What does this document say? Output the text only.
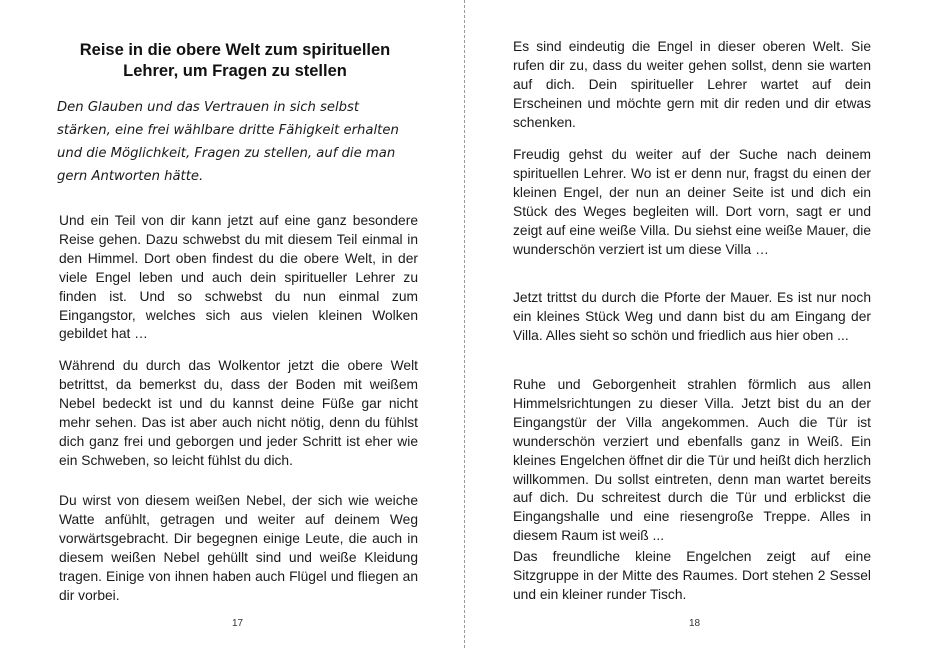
Reise in die obere Welt zum spirituellen Lehrer, um Fragen zu stellen
Den Glauben und das Vertrauen in sich selbst stärken, eine frei wählbare dritte Fähigkeit erhalten und die Möglichkeit, Fragen zu stellen, auf die man gern Antworten hätte.
Und ein Teil von dir kann jetzt auf eine ganz besondere Reise gehen. Dazu schwebst du mit diesem Teil einmal in den Himmel. Dort oben findest du die obere Welt, in der viele Engel leben und auch dein spiritueller Lehrer zu finden ist. Und so schwebst du nun einmal zum Eingangstor, welches sich aus vielen kleinen Wolken gebildet hat …
Während du durch das Wolkentor jetzt die obere Welt betrittst, da bemerkst du, dass der Boden mit weißem Nebel bedeckt ist und du kannst deine Füße gar nicht mehr sehen. Das ist aber auch nicht nötig, denn du fühlst dich ganz frei und geborgen und jeder Schritt ist eher wie ein Schweben, so leicht fühlst du dich.
Du wirst von diesem weißen Nebel, der sich wie weiche Watte anfühlt, getragen und weiter auf deinem Weg vorwärtsgebracht. Dir begegnen einige Leute, die auch in diesem weißen Nebel gehüllt sind und weiße Kleidung tragen. Einige von ihnen haben auch Flügel und fliegen an dir vorbei.
17
Es sind eindeutig die Engel in dieser oberen Welt. Sie rufen dir zu, dass du weiter gehen sollst, denn sie warten auf dich. Dein spiritueller Lehrer wartet auf dein Erscheinen und möchte gern mit dir reden und dir etwas schenken.
Freudig gehst du weiter auf der Suche nach deinem spirituellen Lehrer. Wo ist er denn nur, fragst du einen der kleinen Engel, der nun an deiner Seite ist und dich ein Stück des Weges begleiten will. Dort vorn, sagt er und zeigt auf eine weiße Villa. Du siehst eine weiße Mauer, die wunderschön verziert ist um diese Villa …
Jetzt trittst du durch die Pforte der Mauer. Es ist nur noch ein kleines Stück Weg und dann bist du am Eingang der Villa. Alles sieht so schön und friedlich aus hier oben ...
Ruhe und Geborgenheit strahlen förmlich aus allen Himmelsrichtungen zu dieser Villa. Jetzt bist du an der Eingangstür der Villa angekommen. Auch die Tür ist wunderschön verziert und ebenfalls ganz in Weiß. Ein kleines Engelchen öffnet dir die Tür und heißt dich herzlich willkommen. Du sollst eintreten, denn man wartet bereits auf dich. Du schreitest durch die Tür und erblickst die Eingangshalle und eine riesengroße Treppe. Alles in diesem Raum ist weiß ...
Das freundliche kleine Engelchen zeigt auf eine Sitzgruppe in der Mitte des Raumes. Dort stehen 2 Sessel und ein kleiner runder Tisch.
18
